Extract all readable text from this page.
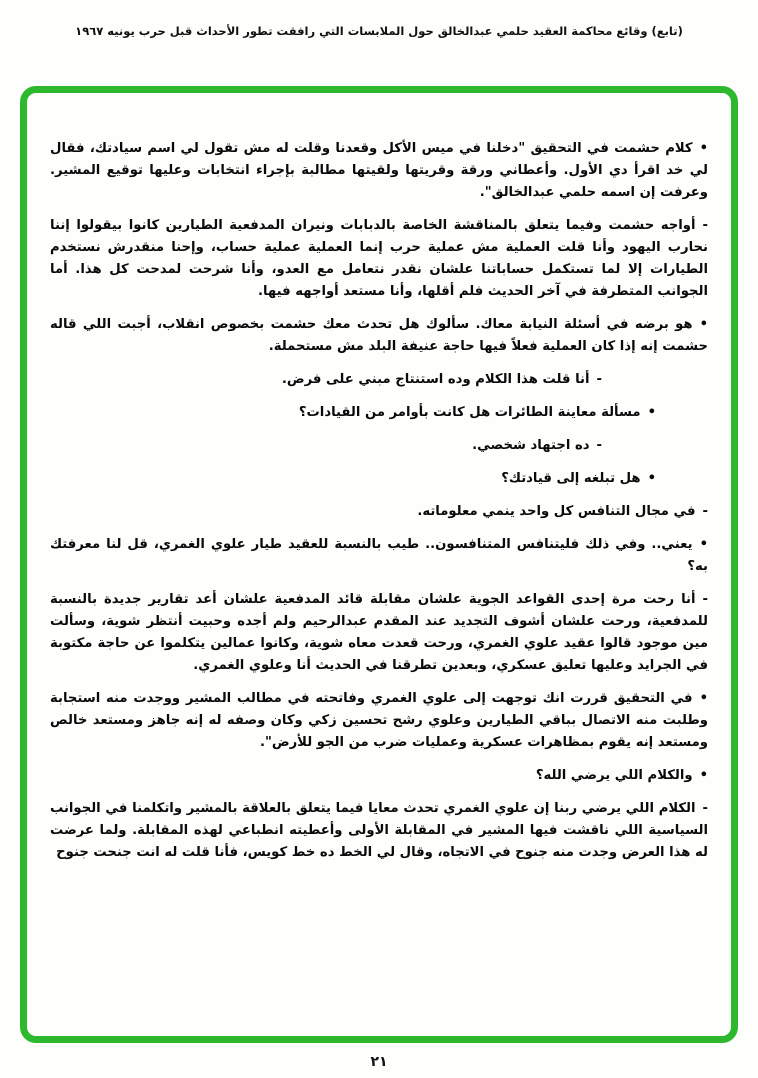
(تابع) وقائع محاكمة العقيد حلمي عبدالخالق حول الملابسات التي رافقت تطور الأحداث قبل حرب يونيه ١٩٦٧
•كلام حشمت في التحقيق "دخلنا في ميس الأكل وقعدنا وقلت له مش تقول لي اسم سيادتك، فقال لي خد اقرأ دي الأول. وأعطاني ورقة وقريتها ولقيتها مطالبة بإجراء انتخابات وعليها توقيع المشير. وعرفت إن اسمه حلمي عبدالخالق".
-أواجه حشمت وفيما يتعلق بالمناقشة الخاصة بالدبابات ونيران المدفعية الطيارين كانوا بيقولوا إننا نحارب اليهود وأنا قلت العملية مش عملية حرب إنما العملية عملية حساب، وإحنا منقدرش نستخدم الطيارات إلا لما تستكمل حساباتنا علشان نقدر نتعامل مع العدو، وأنا شرحت لمدحت كل هذا. أما الجوانب المتطرفة في آخر الحديث فلم أقلها، وأنا مستعد أواجهه فيها.
•هو برضه في أسئلة النيابة معاك. سألوك هل تحدث معك حشمت بخصوص انقلاب، أجبت اللي قاله حشمت إنه إذا كان العملية فعلاً فيها حاجة عنيفة البلد مش مستحملة.
-أنا قلت هذا الكلام وده استنتاج مبني على فرض.
•مسألة معاينة الطائرات هل كانت بأوامر من القيادات؟
-ده اجتهاد شخصي.
•هل تبلغه إلى قيادتك؟
-في مجال التنافس كل واحد ينمي معلوماته.
•يعني.. وفي ذلك فليتنافس المتنافسون.. طيب بالنسبة للعقيد طيار علوي الغمري، قل لنا معرفتك به؟
-أنا رحت مرة إحدى القواعد الجوية علشان مقابلة قائد المدفعية علشان أعد تقارير جديدة بالنسبة للمدفعية، ورحت علشان أشوف التجديد عند المقدم عبدالرحيم ولم أجده وحبيت أنتظر شوية، وسألت مين موجود قالوا عقيد علوي الغمري، ورحت قعدت معاه شوية، وكانوا عمالين يتكلموا عن حاجة مكتوبة في الجرايد وعليها تعليق عسكري، وبعدين تطرقنا في الحديث أنا وعلوي الغمري.
•في التحقيق قررت انك توجهت إلى علوي الغمري وفاتحته في مطالب المشير ووجدت منه استجابة وطلبت منه الاتصال بباقي الطيارين وعلوي رشح تحسين زكي وكان وصفه له إنه جاهز ومستعد خالص ومستعد إنه يقوم بمظاهرات عسكرية وعمليات ضرب من الجو للأرض".
•والكلام اللي يرضي الله؟
-الكلام اللي يرضي ربنا إن علوي الغمري تحدث معايا فيما يتعلق بالعلاقة بالمشير واتكلمنا في الجوانب السياسية اللي ناقشت فيها المشير في المقابلة الأولى وأعطيته انطباعي لهذه المقابلة. ولما عرضت له هذا العرض وجدت منه جنوح في الاتجاه، وقال لي الخط ده خط كويس، فأنا قلت له انت جنحت جنوح
٢١
